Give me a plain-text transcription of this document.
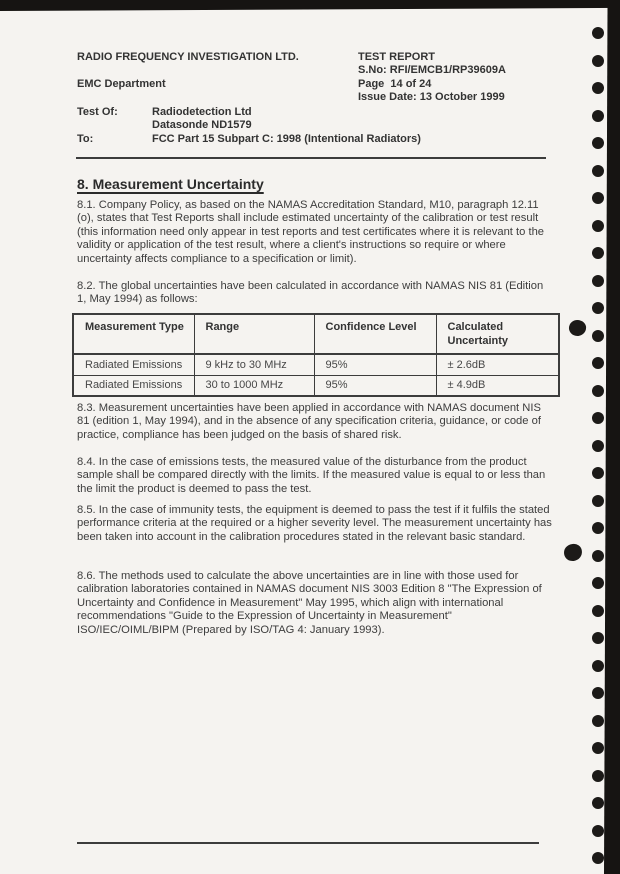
RADIO FREQUENCY INVESTIGATION LTD.	TEST REPORT
S.No: RFI/EMCB1/RP39609A
EMC Department	Page  14 of 24
Issue Date: 13 October 1999
Test Of:	Radiodetection Ltd
Datasonde ND1579
To:	FCC Part 15 Subpart C: 1998 (Intentional Radiators)
8. Measurement Uncertainty

8.1. Company Policy, as based on the NAMAS Accreditation Standard, M10, paragraph 12.11 (o), states that Test Reports shall include estimated uncertainty of the calibration or test result (this information need only appear in test reports and test certificates where it is relevant to the validity or application of the test result, where a client's instructions so require or where uncertainty affects compliance to a specification or limit).

8.2. The global uncertainties have been calculated in accordance with NAMAS NIS 81 (Edition 1, May 1994) as follows:

Measurement Type	Range	Confidence Level	Calculated Uncertainty
Radiated Emissions	9 kHz to 30 MHz	95%	± 2.6dB
Radiated Emissions	30 to 1000 MHz	95%	± 4.9dB

8.3. Measurement uncertainties have been applied in accordance with NAMAS document NIS 81 (edition 1, May 1994), and in the absence of any specification criteria, guidance, or code of practice, compliance has been judged on the basis of shared risk.

8.4. In the case of emissions tests, the measured value of the disturbance from the product sample shall be compared directly with the limits. If the measured value is equal to or less than the limit the product is deemed to pass the test.

8.5. In the case of immunity tests, the equipment is deemed to pass the test if it fulfils the stated performance criteria at the required or a higher severity level. The measurement uncertainty has been taken into account in the calibration procedures stated in the relevant basic standard.

8.6. The methods used to calculate the above uncertainties are in line with those used for calibration laboratories contained in NAMAS document NIS 3003 Edition 8 "The Expression of Uncertainty and Confidence in Measurement" May 1995, which align with international recommendations "Guide to the Expression of Uncertainty in Measurement" ISO/IEC/OIML/BIPM (Prepared by ISO/TAG 4: January 1993).
